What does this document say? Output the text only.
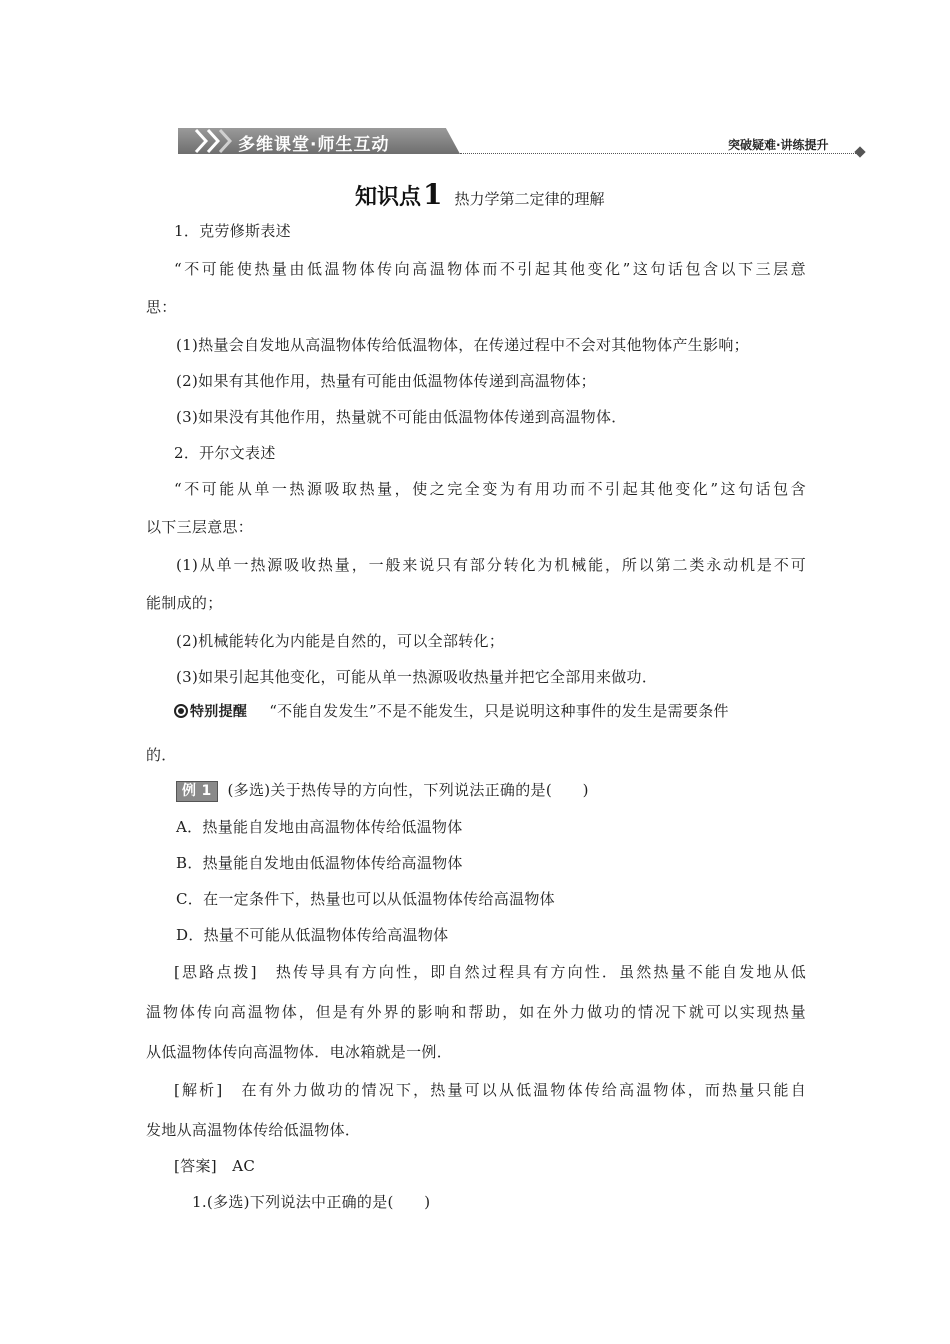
多维课堂·师生互动	突破疑难·讲练提升
知识点1 热力学第二定律的理解
1．克劳修斯表述
“不可能使热量由低温物体传向高温物体而不引起其他变化”这句话包含以下三层意
思：
(1)热量会自发地从高温物体传给低温物体，在传递过程中不会对其他物体产生影响；
(2)如果有其他作用，热量有可能由低温物体传递到高温物体；
(3)如果没有其他作用，热量就不可能由低温物体传递到高温物体．
2．开尔文表述
“不可能从单一热源吸取热量，使之完全变为有用功而不引起其他变化”这句话包含
以下三层意思：
(1)从单一热源吸收热量，一般来说只有部分转化为机械能，所以第二类永动机是不可
能制成的；
(2)机械能转化为内能是自然的，可以全部转化；
(3)如果引起其他变化，可能从单一热源吸收热量并把它全部用来做功．
特别提醒 “不能自发发生”不是不能发生，只是说明这种事件的发生是需要条件
的．
例 1 (多选)关于热传导的方向性，下列说法正确的是(　　)
A．热量能自发地由高温物体传给低温物体
B．热量能自发地由低温物体传给高温物体
C．在一定条件下，热量也可以从低温物体传给高温物体
D．热量不可能从低温物体传给高温物体
[思路点拨]　热传导具有方向性，即自然过程具有方向性．虽然热量不能自发地从低
温物体传向高温物体，但是有外界的影响和帮助，如在外力做功的情况下就可以实现热量
从低温物体传向高温物体．电冰箱就是一例．
[解析]　在有外力做功的情况下，热量可以从低温物体传给高温物体，而热量只能自
发地从高温物体传给低温物体．
[答案]　AC
1.(多选)下列说法中正确的是(　　)
